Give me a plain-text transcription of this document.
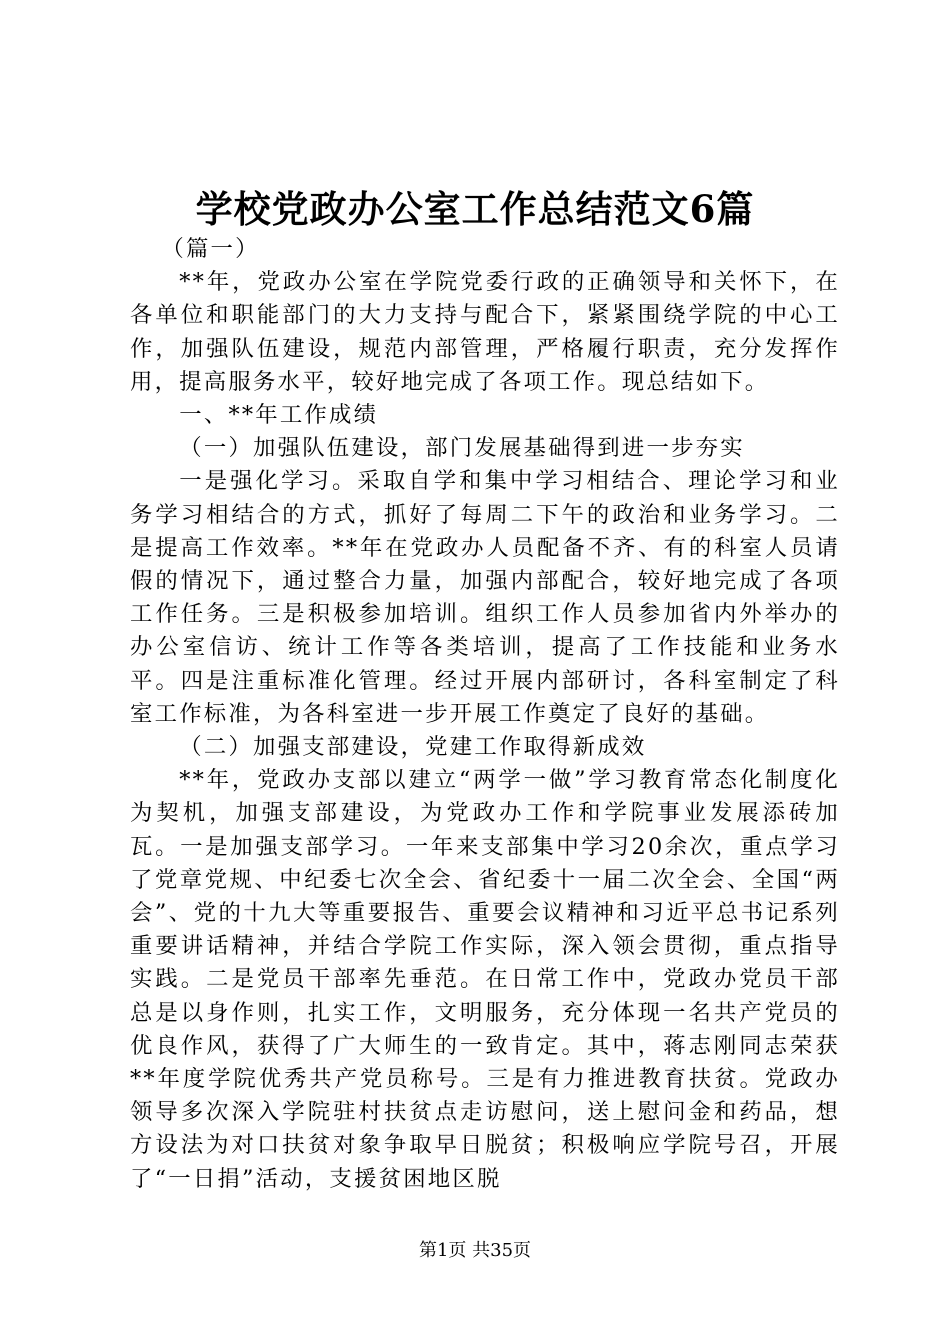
学校党政办公室工作总结范文6篇

（篇一）

**年，党政办公室在学院党委行政的正确领导和关怀下，在各单位和职能部门的大力支持与配合下，紧紧围绕学院的中心工作，加强队伍建设，规范内部管理，严格履行职责，充分发挥作用，提高服务水平，较好地完成了各项工作。现总结如下。

一、**年工作成绩

（一）加强队伍建设，部门发展基础得到进一步夯实

一是强化学习。采取自学和集中学习相结合、理论学习和业务学习相结合的方式，抓好了每周二下午的政治和业务学习。二是提高工作效率。**年在党政办人员配备不齐、有的科室人员请假的情况下，通过整合力量，加强内部配合，较好地完成了各项工作任务。三是积极参加培训。组织工作人员参加省内外举办的办公室信访、统计工作等各类培训，提高了工作技能和业务水平。四是注重标准化管理。经过开展内部研讨，各科室制定了科室工作标准，为各科室进一步开展工作奠定了良好的基础。

（二）加强支部建设，党建工作取得新成效

**年，党政办支部以建立“两学一做”学习教育常态化制度化为契机，加强支部建设，为党政办工作和学院事业发展添砖加瓦。一是加强支部学习。一年来支部集中学习20余次，重点学习了党章党规、中纪委七次全会、省纪委十一届二次全会、全国“两会”、党的十九大等重要报告、重要会议精神和习近平总书记系列重要讲话精神，并结合学院工作实际，深入领会贯彻，重点指导实践。二是党员干部率先垂范。在日常工作中，党政办党员干部总是以身作则，扎实工作，文明服务，充分体现一名共产党员的优良作风，获得了广大师生的一致肯定。其中，蒋志刚同志荣获**年度学院优秀共产党员称号。三是有力推进教育扶贫。党政办领导多次深入学院驻村扶贫点走访慰问，送上慰问金和药品，想方设法为对口扶贫对象争取早日脱贫；积极响应学院号召，开展了“一日捐”活动，支援贫困地区脱

第1页 共35页
